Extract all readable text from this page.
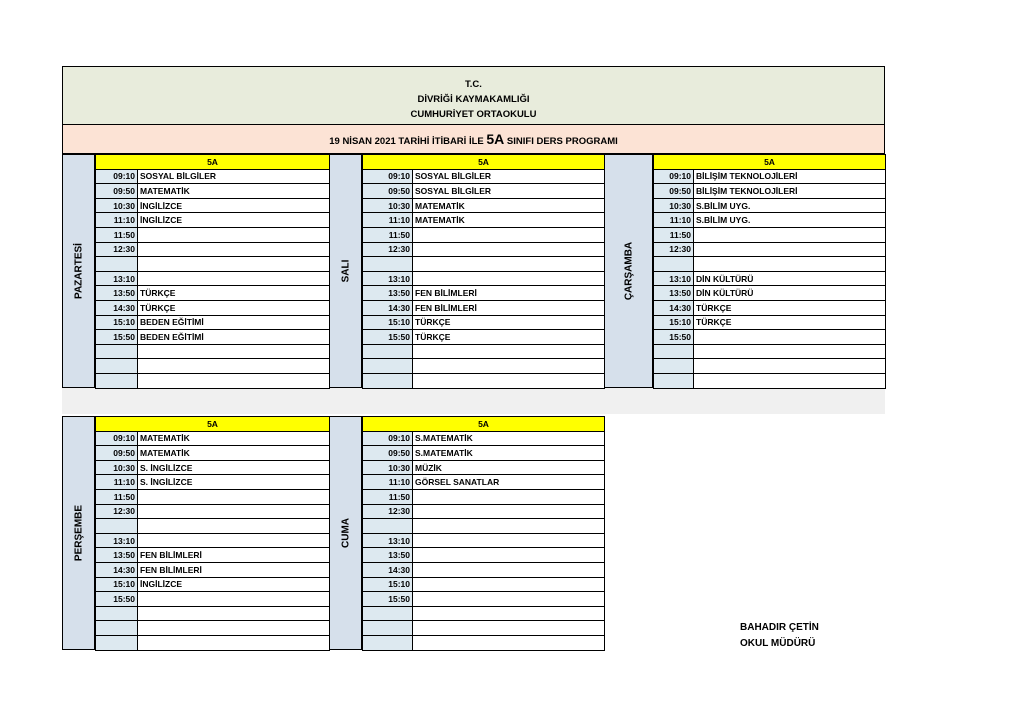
T.C.
DİVRİĞİ KAYMAKAMLIĞI
CUMHURİYET ORTAOKULU
19 NİSAN 2021 TARİHİ İTİBARİ İLE 5A SINIFI DERS PROGRAMI
PAZARTESİ
5A	
09:10	SOSYAL BİLGİLER
09:50	MATEMATİK
10:30	İNGİLİZCE
11:10	İNGİLİZCE
11:50	
12:30	

13:10	
13:50	TÜRKÇE
14:30	TÜRKÇE
15:10	BEDEN EĞİTİMİ
15:50	BEDEN EĞİTİMİ

SALI
5A	
09:10	SOSYAL BİLGİLER
09:50	SOSYAL BİLGİLER
10:30	MATEMATİK
11:10	MATEMATİK
11:50	
12:30	

13:10	
13:50	FEN BİLİMLERİ
14:30	FEN BİLİMLERİ
15:10	TÜRKÇE
15:50	TÜRKÇE

ÇARŞAMBA
5A	
09:10	BİLİŞİM TEKNOLOJİLERİ
09:50	BİLİŞİM TEKNOLOJİLERİ
10:30	S.BİLİM UYG.
11:10	S.BİLİM UYG.
11:50	
12:30	

13:10	DİN KÜLTÜRÜ
13:50	DİN KÜLTÜRÜ
14:30	TÜRKÇE
15:10	TÜRKÇE
15:50	

PERŞEMBE
5A	
09:10	MATEMATİK
09:50	MATEMATİK
10:30	S. İNGİLİZCE
11:10	S. İNGİLİZCE
11:50	
12:30	

13:10	
13:50	FEN BİLİMLERİ
14:30	FEN BİLİMLERİ
15:10	İNGİLİZCE
15:50	

CUMA
5A	
09:10	S.MATEMATİK
09:50	S.MATEMATİK
10:30	MÜZİK
11:10	GÖRSEL SANATLAR
11:50	
12:30	

13:10	
13:50	
14:30	
15:10	
15:50	

BAHADIR ÇETİN
OKUL MÜDÜRÜ
